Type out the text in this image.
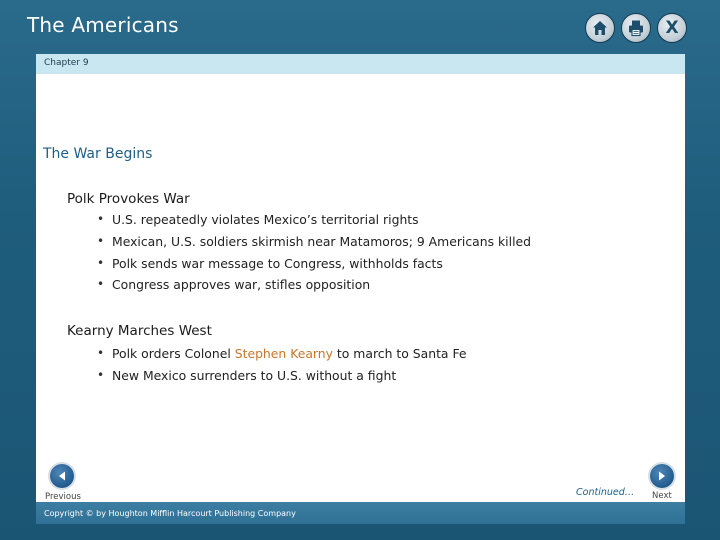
The Americans	X
Chapter 9
The War Begins
Polk Provokes War
• U.S. repeatedly violates Mexico’s territorial rights
• Mexican, U.S. soldiers skirmish near Matamoros; 9 Americans killed
• Polk sends war message to Congress, withholds facts
• Congress approves war, stifles opposition
Kearny Marches West
• Polk orders Colonel Stephen Kearny to march to Santa Fe
• New Mexico surrenders to U.S. without a fight
Previous	Continued… Next
Copyright © by Houghton Mifflin Harcourt Publishing Company
